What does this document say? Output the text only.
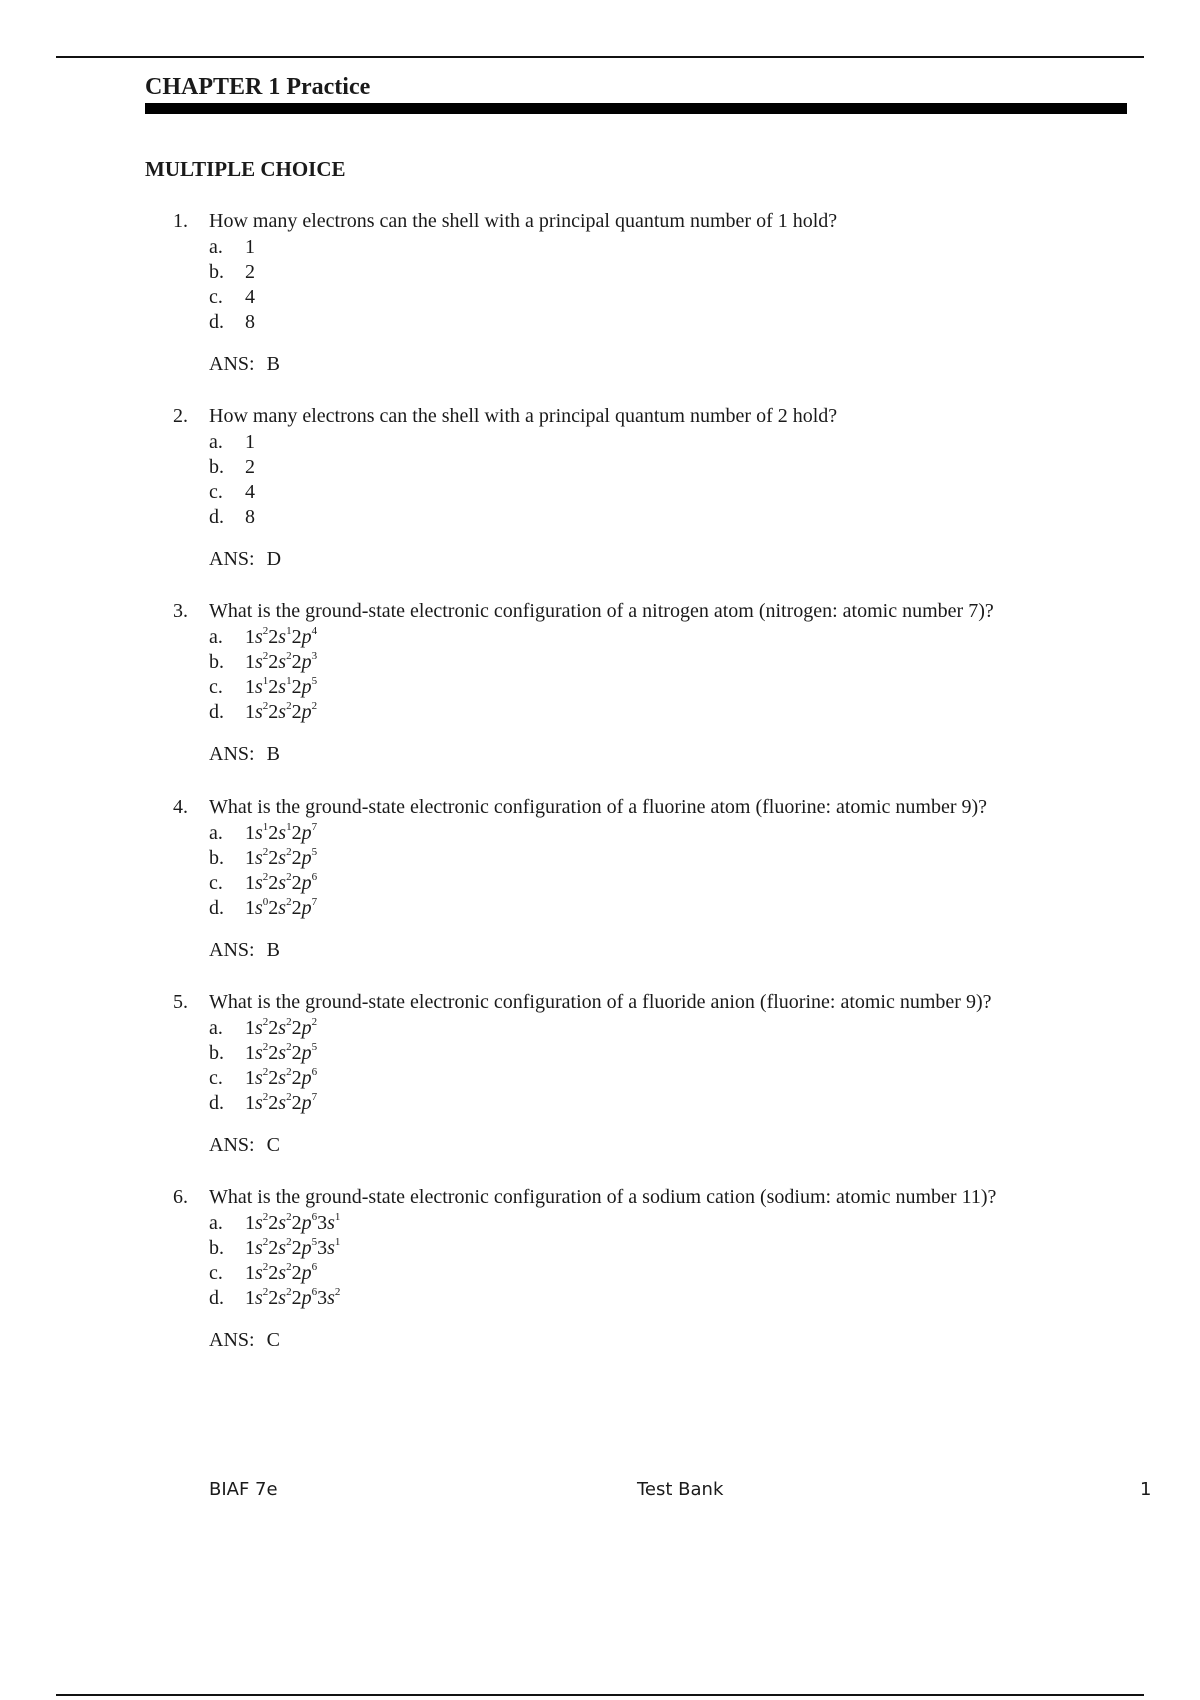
CHAPTER 1 Practice
MULTIPLE CHOICE
1. How many electrons can the shell with a principal quantum number of 1 hold?
a. 1
b. 2
c. 4
d. 8
ANS: B
2. How many electrons can the shell with a principal quantum number of 2 hold?
a. 1
b. 2
c. 4
d. 8
ANS: D
3. What is the ground-state electronic configuration of a nitrogen atom (nitrogen: atomic number 7)?
a. $1s^22s^12p^4$
b. $1s^22s^22p^3$
c. $1s^12s^12p^5$
d. $1s^22s^22p^2$
ANS: B
4. What is the ground-state electronic configuration of a fluorine atom (fluorine: atomic number 9)?
a. $1s^12s^12p^7$
b. $1s^22s^22p^5$
c. $1s^22s^22p^6$
d. $1s^02s^22p^7$
ANS: B
5. What is the ground-state electronic configuration of a fluoride anion (fluorine: atomic number 9)?
a. $1s^22s^22p^2$
b. $1s^22s^22p^5$
c. $1s^22s^22p^6$
d. $1s^22s^22p^7$
ANS: C
6. What is the ground-state electronic configuration of a sodium cation (sodium: atomic number 11)?
a. $1s^22s^22p^63s^1$
b. $1s^22s^22p^53s^1$
c. $1s^22s^22p^6$
d. $1s^22s^22p^63s^2$
ANS: C
BIAF 7e	Test Bank	1
